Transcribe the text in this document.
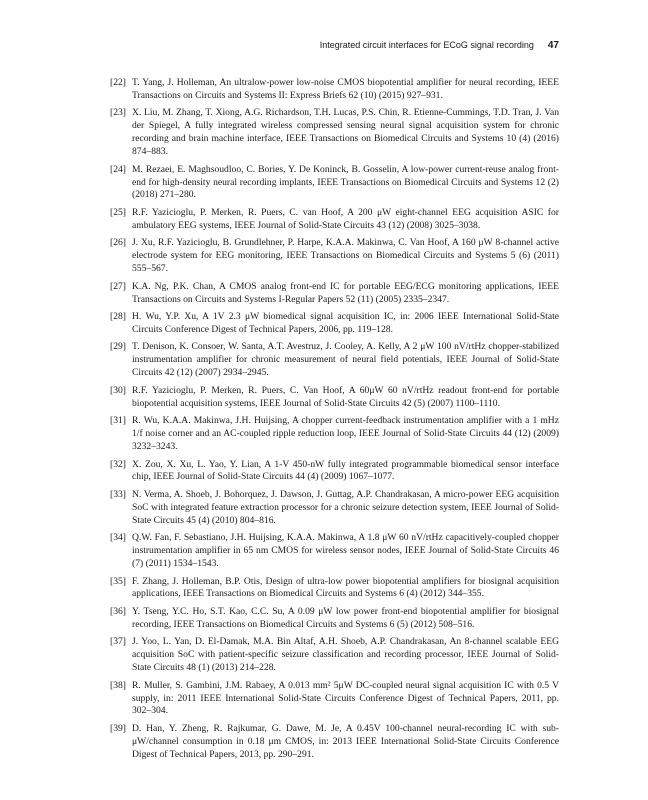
Integrated circuit interfaces for ECoG signal recording 47
[22] T. Yang, J. Holleman, An ultralow-power low-noise CMOS biopotential amplifier for neural recording, IEEE Transactions on Circuits and Systems II: Express Briefs 62 (10) (2015) 927–931.
[23] X. Liu, M. Zhang, T. Xiong, A.G. Richardson, T.H. Lucas, P.S. Chin, R. Etienne-Cummings, T.D. Tran, J. Van der Spiegel, A fully integrated wireless compressed sensing neural signal acquisition system for chronic recording and brain machine interface, IEEE Transactions on Biomedical Circuits and Systems 10 (4) (2016) 874–883.
[24] M. Rezaei, E. Maghsoudloo, C. Bories, Y. De Koninck, B. Gosselin, A low-power current-reuse analog front-end for high-density neural recording implants, IEEE Transactions on Biomedical Circuits and Systems 12 (2) (2018) 271–280.
[25] R.F. Yazicioglu, P. Merken, R. Puers, C. van Hoof, A 200 μW eight-channel EEG acquisition ASIC for ambulatory EEG systems, IEEE Journal of Solid-State Circuits 43 (12) (2008) 3025–3038.
[26] J. Xu, R.F. Yazicioglu, B. Grundlehner, P. Harpe, K.A.A. Makinwa, C. Van Hoof, A 160 μW 8-channel active electrode system for EEG monitoring, IEEE Transactions on Biomedical Circuits and Systems 5 (6) (2011) 555–567.
[27] K.A. Ng, P.K. Chan, A CMOS analog front-end IC for portable EEG/ECG monitoring applications, IEEE Transactions on Circuits and Systems I-Regular Papers 52 (11) (2005) 2335–2347.
[28] H. Wu, Y.P. Xu, A 1V 2.3 μW biomedical signal acquisition IC, in: 2006 IEEE International Solid-State Circuits Conference Digest of Technical Papers, 2006, pp. 119–128.
[29] T. Denison, K. Consoer, W. Santa, A.T. Avestruz, J. Cooley, A. Kelly, A 2 μW 100 nV/rtHz chopper-stabilized instrumentation amplifier for chronic measurement of neural field potentials, IEEE Journal of Solid-State Circuits 42 (12) (2007) 2934–2945.
[30] R.F. Yazicioglu, P. Merken, R. Puers, C. Van Hoof, A 60μW 60 nV/rtHz readout front-end for portable biopotential acquisition systems, IEEE Journal of Solid-State Circuits 42 (5) (2007) 1100–1110.
[31] R. Wu, K.A.A. Makinwa, J.H. Huijsing, A chopper current-feedback instrumentation amplifier with a 1 mHz 1/f noise corner and an AC-coupled ripple reduction loop, IEEE Journal of Solid-State Circuits 44 (12) (2009) 3232–3243.
[32] X. Zou, X. Xu, L. Yao, Y. Lian, A 1-V 450-nW fully integrated programmable biomedical sensor interface chip, IEEE Journal of Solid-State Circuits 44 (4) (2009) 1067–1077.
[33] N. Verma, A. Shoeb, J. Bohorquez, J. Dawson, J. Guttag, A.P. Chandrakasan, A micro-power EEG acquisition SoC with integrated feature extraction processor for a chronic seizure detection system, IEEE Journal of Solid-State Circuits 45 (4) (2010) 804–816.
[34] Q.W. Fan, F. Sebastiano, J.H. Huijsing, K.A.A. Makinwa, A 1.8 μW 60 nV/rtHz capacitively-coupled chopper instrumentation amplifier in 65 nm CMOS for wireless sensor nodes, IEEE Journal of Solid-State Circuits 46 (7) (2011) 1534–1543.
[35] F. Zhang, J. Holleman, B.P. Otis, Design of ultra-low power biopotential amplifiers for biosignal acquisition applications, IEEE Transactions on Biomedical Circuits and Systems 6 (4) (2012) 344–355.
[36] Y. Tseng, Y.C. Ho, S.T. Kao, C.C. Su, A 0.09 μW low power front-end biopotential amplifier for biosignal recording, IEEE Transactions on Biomedical Circuits and Systems 6 (5) (2012) 508–516.
[37] J. Yoo, L. Yan, D. El-Damak, M.A. Bin Altaf, A.H. Shoeb, A.P. Chandrakasan, An 8-channel scalable EEG acquisition SoC with patient-specific seizure classification and recording processor, IEEE Journal of Solid-State Circuits 48 (1) (2013) 214–228.
[38] R. Muller, S. Gambini, J.M. Rabaey, A 0.013 mm² 5μW DC-coupled neural signal acquisition IC with 0.5 V supply, in: 2011 IEEE International Solid-State Circuits Conference Digest of Technical Papers, 2011, pp. 302–304.
[39] D. Han, Y. Zheng, R. Rajkumar, G. Dawe, M. Je, A 0.45V 100-channel neural-recording IC with sub-μW/channel consumption in 0.18 μm CMOS, in: 2013 IEEE International Solid-State Circuits Conference Digest of Technical Papers, 2013, pp. 290–291.
